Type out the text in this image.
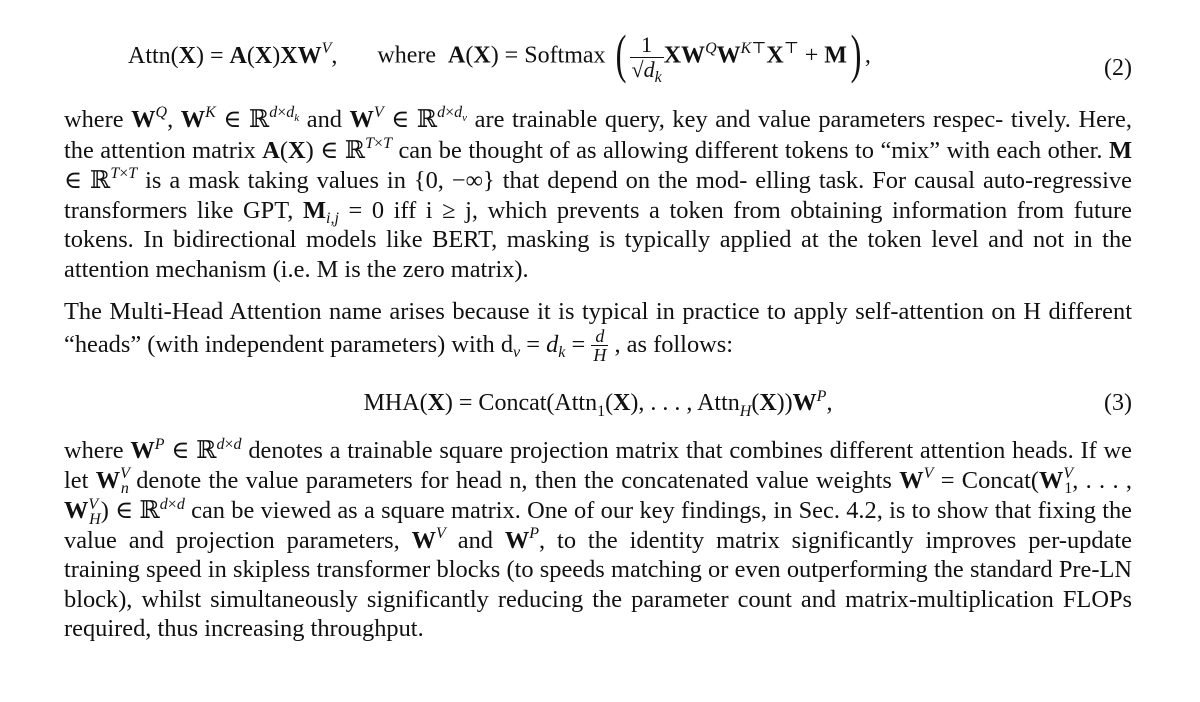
Attn(X) = $A(X)XW^V$, where A(X) = Softmax ( $\frac{1}{√d_k} XW^QW^{K⊤}X^⊤ + M$) ,	(2)

where $W^Q$, $W^K$ ∈ ℝ$^{d\times d_k}$ and $W^V$ ∈ ℝ$^{d\times d_v}$ are trainable query, key and value parameters respec- tively. Here, the attention matrix A(X) ∈ ℝ$^{T\times T}$ can be thought of as allowing different tokens to “mix” with each other. M ∈ ℝ$^{T\times T}$ is a mask taking values in {0, −∞} that depend on the mod- elling task. For causal auto-regressive transformers like GPT, $M_{i,j} = 0$ iff i ≥ j, which prevents a token from obtaining information from future tokens. In bidirectional models like BERT, masking is typically applied at the token level and not in the attention mechanism (i.e. M is the zero matrix).

The Multi-Head Attention name arises because it is typical in practice to apply self-attention on H different “heads” (with independent parameters) with $d_v = d_k = \frac{d}{H}$ , as follows:

MHA(X) = Concat(Attn$_1$(X), . . . , $Attn_H(X))W^P$,	(3)

where $W^P$ ∈ ℝ$^{d\times d}$ denotes a trainable square projection matrix that combines different attention heads. If we let $W^V_n$ denote the value parameters for head n, then the concatenated value weights $W^V$ = $Concat(W^V_1$, . . . , $W^V_H$) ∈ ℝ$^{d\times d}$ can be viewed as a square matrix. One of our key findings, in Sec. 4.2, is to show that fixing the value and projection parameters, $W^V$ and $W^P$, to the identity matrix significantly improves per-update training speed in skipless transformer blocks (to speeds matching or even outperforming the standard Pre-LN block), whilst simultaneously significantly reducing the parameter count and matrix-multiplication FLOPs required, thus increasing throughput.
